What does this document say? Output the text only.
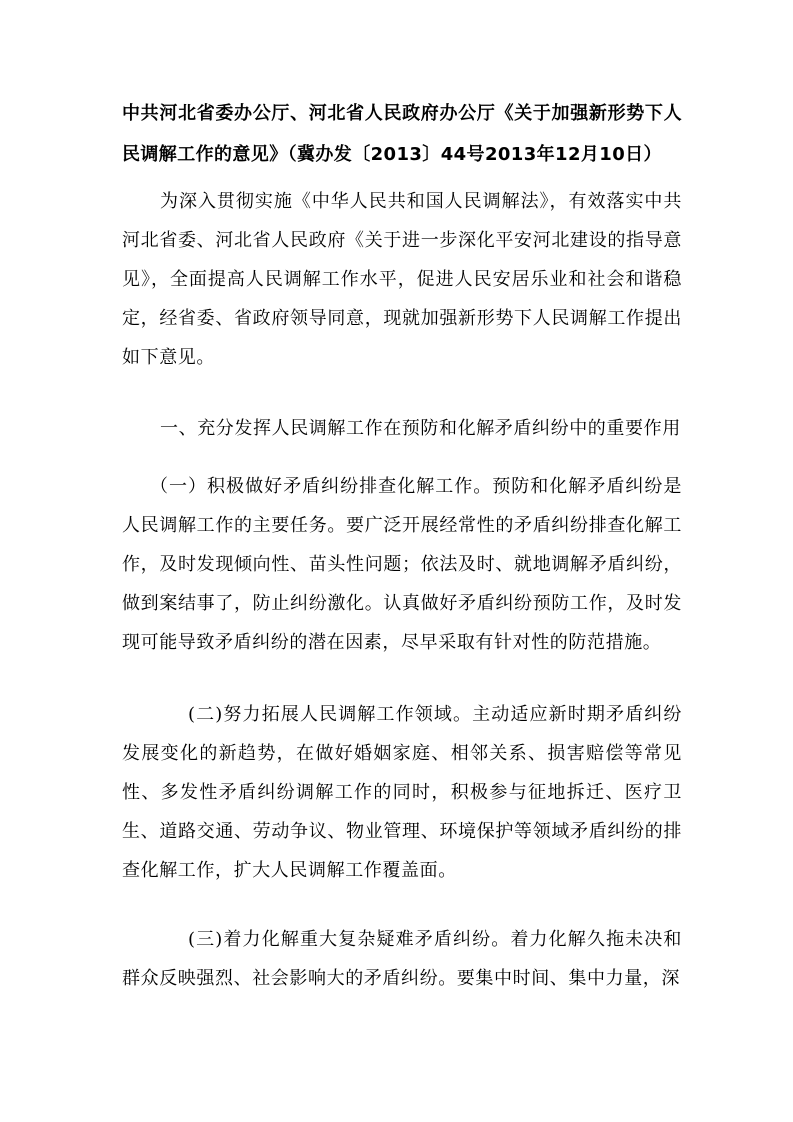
中共河北省委办公厅、河北省人民政府办公厅《关于加强新形势下人民调解工作的意见》（冀办发〔2013〕44号2013年12月10日）

为深入贯彻实施《中华人民共和国人民调解法》，有效落实中共河北省委、河北省人民政府《关于进一步深化平安河北建设的指导意见》，全面提高人民调解工作水平，促进人民安居乐业和社会和谐稳定，经省委、省政府领导同意，现就加强新形势下人民调解工作提出如下意见。

一、充分发挥人民调解工作在预防和化解矛盾纠纷中的重要作用

（一）积极做好矛盾纠纷排查化解工作。预防和化解矛盾纠纷是人民调解工作的主要任务。要广泛开展经常性的矛盾纠纷排查化解工作，及时发现倾向性、苗头性问题；依法及时、就地调解矛盾纠纷，做到案结事了，防止纠纷激化。认真做好矛盾纠纷预防工作，及时发现可能导致矛盾纠纷的潜在因素，尽早采取有针对性的防范措施。

(二)努力拓展人民调解工作领域。主动适应新时期矛盾纠纷发展变化的新趋势，在做好婚姻家庭、相邻关系、损害赔偿等常见性、多发性矛盾纠纷调解工作的同时，积极参与征地拆迁、医疗卫生、道路交通、劳动争议、物业管理、环境保护等领域矛盾纠纷的排查化解工作，扩大人民调解工作覆盖面。

(三)着力化解重大复杂疑难矛盾纠纷。着力化解久拖未决和群众反映强烈、社会影响大的矛盾纠纷。要集中时间、集中力量，深
